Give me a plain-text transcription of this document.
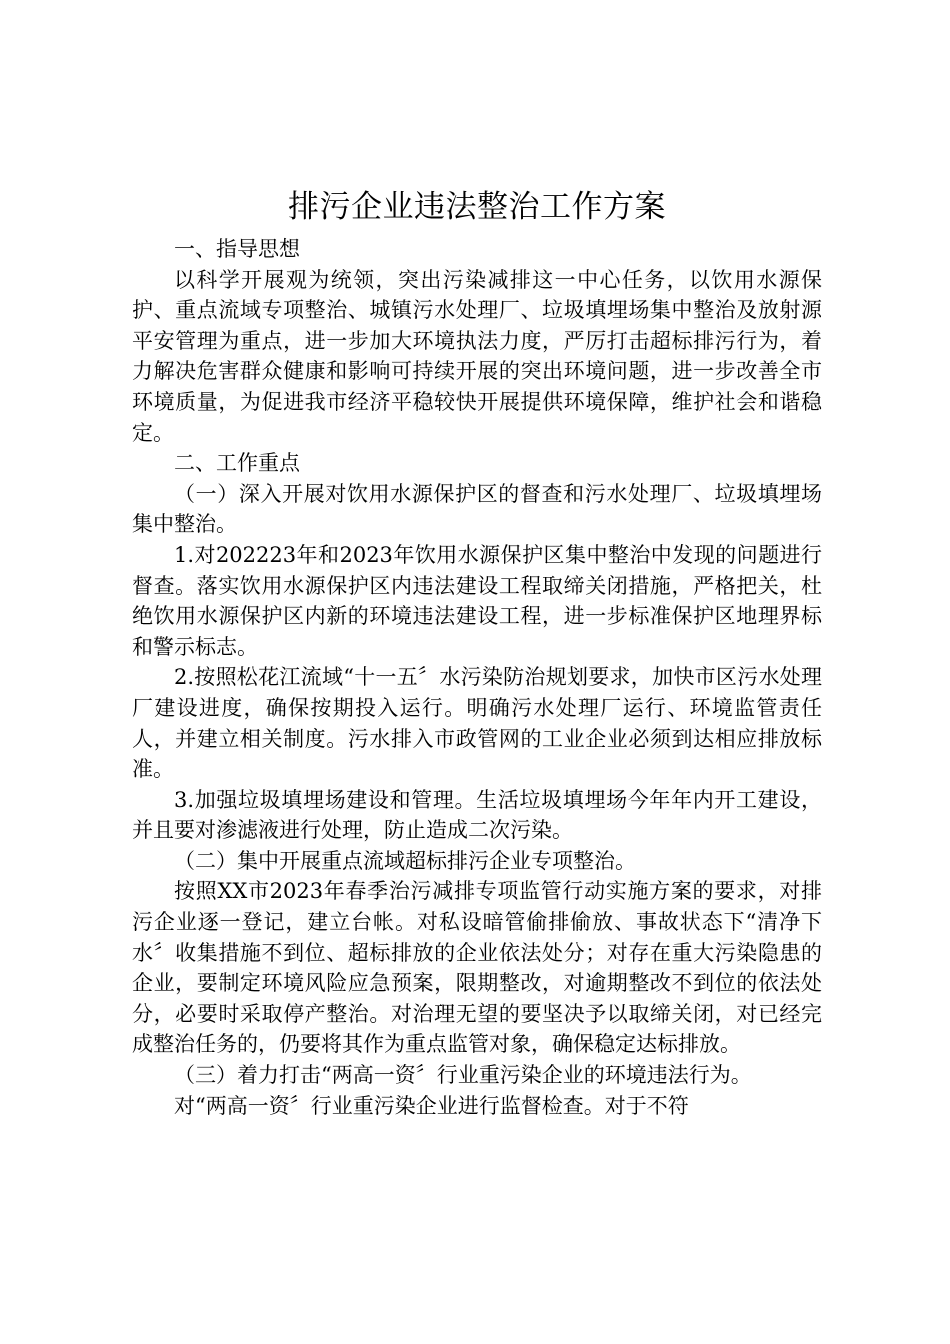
排污企业违法整治工作方案

一、指导思想

以科学开展观为统领，突出污染减排这一中心任务，以饮用水源保护、重点流域专项整治、城镇污水处理厂、垃圾填埋场集中整治及放射源平安管理为重点，进一步加大环境执法力度，严厉打击超标排污行为，着力解决危害群众健康和影响可持续开展的突出环境问题，进一步改善全市环境质量，为促进我市经济平稳较快开展提供环境保障，维护社会和谐稳定。

二、工作重点

（一）深入开展对饮用水源保护区的督查和污水处理厂、垃圾填埋场集中整治。

1.对202223年和2023年饮用水源保护区集中整治中发现的问题进行督查。落实饮用水源保护区内违法建设工程取缔关闭措施，严格把关，杜绝饮用水源保护区内新的环境违法建设工程，进一步标准保护区地理界标和警示标志。

2.按照松花江流域“十一五〞水污染防治规划要求，加快市区污水处理厂建设进度，确保按期投入运行。明确污水处理厂运行、环境监管责任人，并建立相关制度。污水排入市政管网的工业企业必须到达相应排放标准。

3.加强垃圾填埋场建设和管理。生活垃圾填埋场今年年内开工建设，并且要对渗滤液进行处理，防止造成二次污染。

（二）集中开展重点流域超标排污企业专项整治。

按照XX市2023年春季治污减排专项监管行动实施方案的要求，对排污企业逐一登记，建立台帐。对私设暗管偷排偷放、事故状态下“清净下水〞收集措施不到位、超标排放的企业依法处分；对存在重大污染隐患的企业，要制定环境风险应急预案，限期整改，对逾期整改不到位的依法处分，必要时采取停产整治。对治理无望的要坚决予以取缔关闭，对已经完成整治任务的，仍要将其作为重点监管对象，确保稳定达标排放。

（三）着力打击“两高一资〞行业重污染企业的环境违法行为。

对“两高一资〞行业重污染企业进行监督检查。对于不符
